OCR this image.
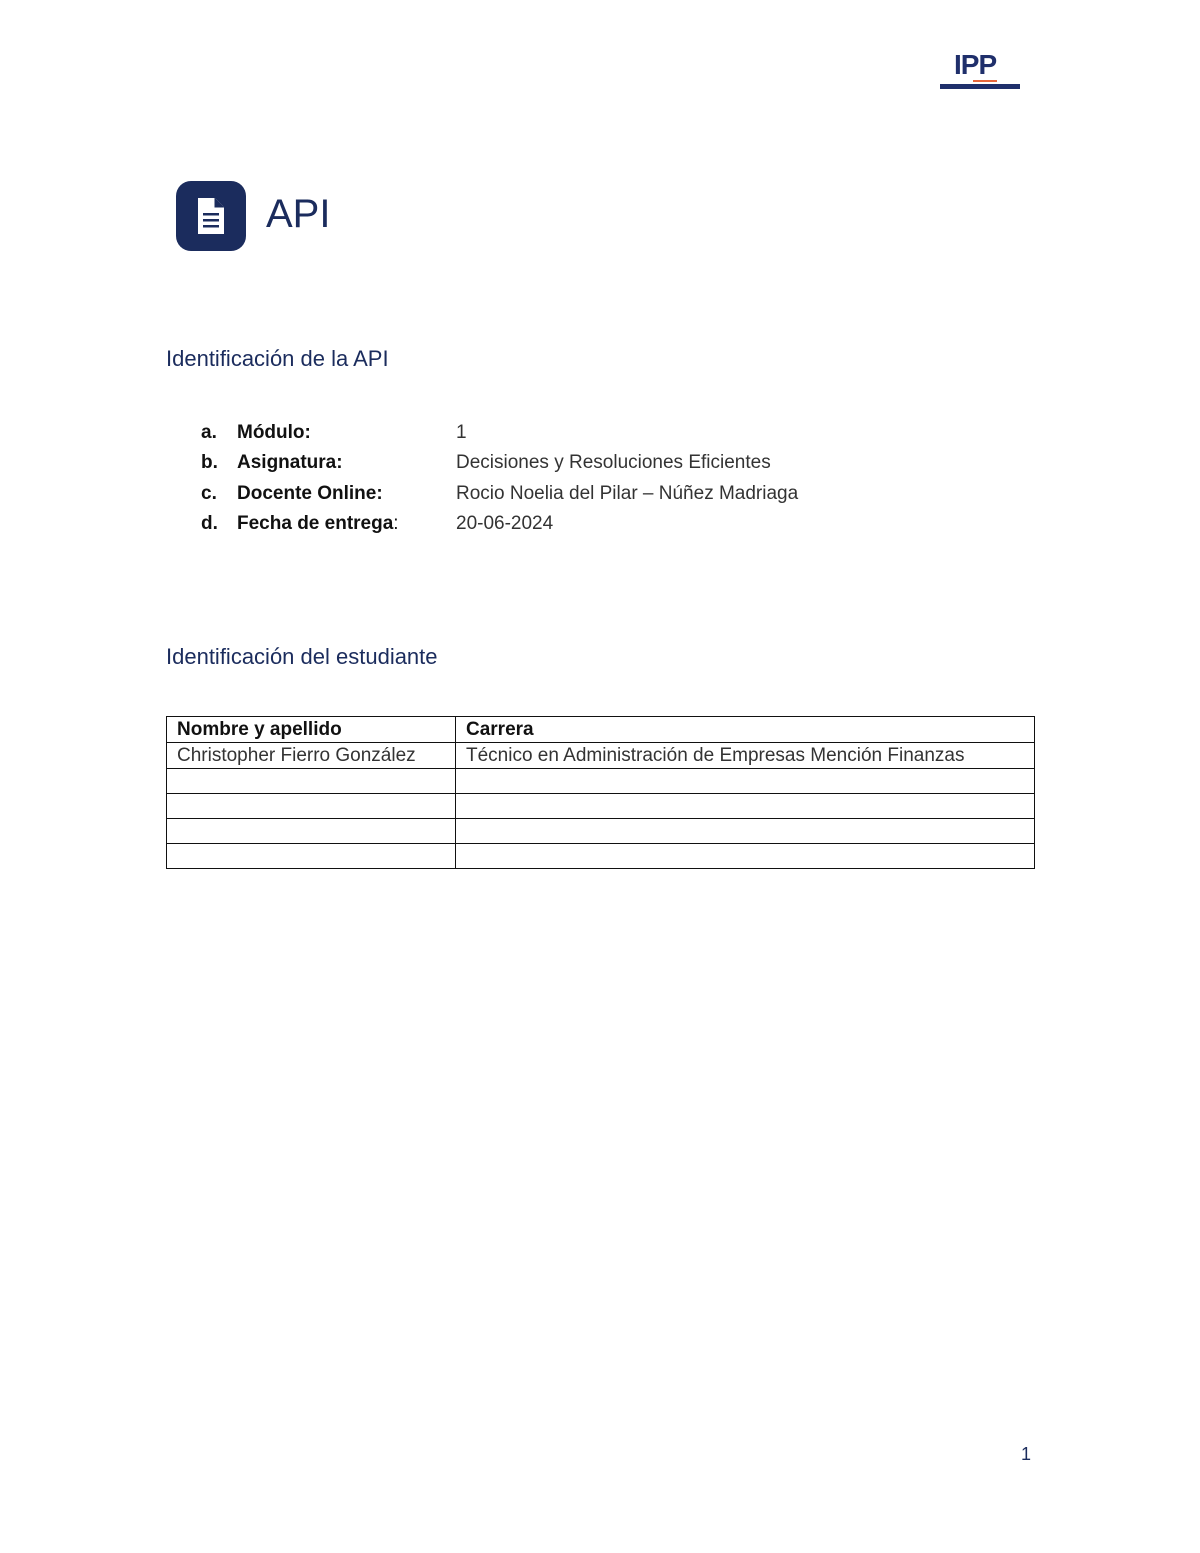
IPP
API
Identificación de la API
a. Módulo:	1
b. Asignatura:	Decisiones y Resoluciones Eficientes
c. Docente Online:	Rocio Noelia del Pilar – Núñez Madriaga
d. Fecha de entrega:	20-06-2024
Identificación del estudiante
Nombre y apellido	Carrera
Christopher Fierro González	Técnico en Administración de Empresas Mención Finanzas

1
